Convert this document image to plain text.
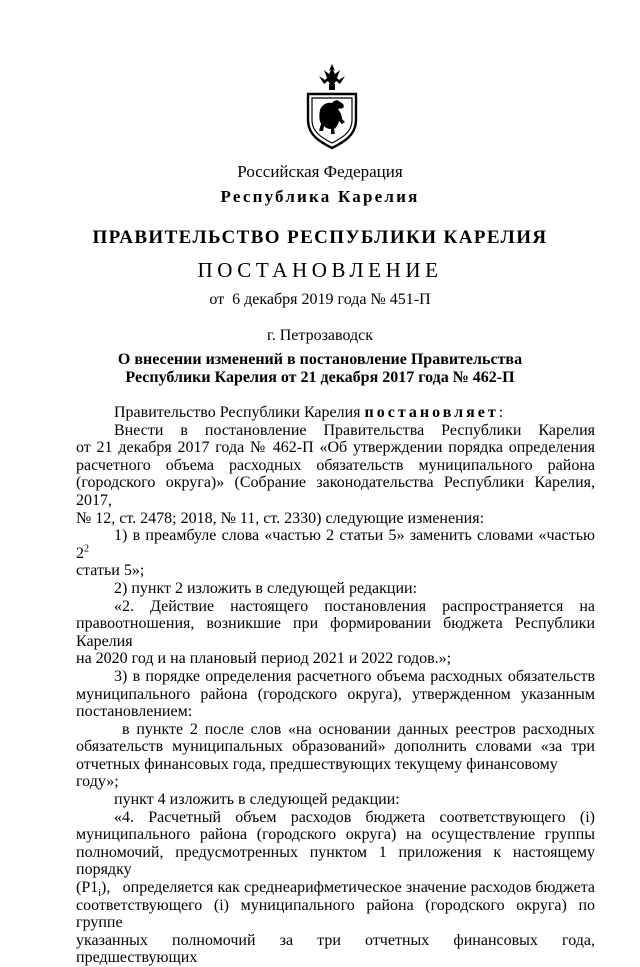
Российская Федерация
Республика Карелия
ПРАВИТЕЛЬСТВО РЕСПУБЛИКИ КАРЕЛИЯ
ПОСТАНОВЛЕНИЕ
от  6 декабря 2019 года № 451-П
г. Петрозаводск
О внесении изменений в постановление Правительства
Республики Карелия от 21 декабря 2017 года № 462-П

Правительство Республики Карелия постановляет:

Внести в постановление Правительства Республики Карелия

от 21 декабря 2017 года № 462-П «Об утверждении порядка определения

расчетного объема расходных обязательств муниципального района

(городского округа)» (Собрание законодательства Республики Карелия, 2017,

№ 12, ст. 2478; 2018, № 11, ст. 2330) следующие изменения:

1) в преамбуле слова «частью 2 статьи 5» заменить словами «частью $2^2$

статьи 5»;

2) пункт 2 изложить в следующей редакции:

«2. Действие настоящего постановления распространяется на

правоотношения, возникшие при формировании бюджета Республики Карелия

на 2020 год и на плановый период 2021 и 2022 годов.»;

3) в порядке определения расчетного объема расходных обязательств

муниципального района (городского округа), утвержденном указанным

постановлением:

в пункте 2 после слов «на основании данных реестров расходных

обязательств муниципальных образований» дополнить словами «за три

отчетных финансовых года, предшествующих текущему финансовому году»;

пункт 4 изложить в следующей редакции:

«4. Расчетный объем расходов бюджета соответствующего (i)

муниципального района (городского округа) на осуществление группы

полномочий, предусмотренных пунктом 1 приложения к настоящему порядку

$(Р1_i)$,   определяется как среднеарифметическое значение расходов бюджета

соответствующего (i) муниципального района (городского округа) по группе

указанных полномочий за три отчетных финансовых года, предшествующих
